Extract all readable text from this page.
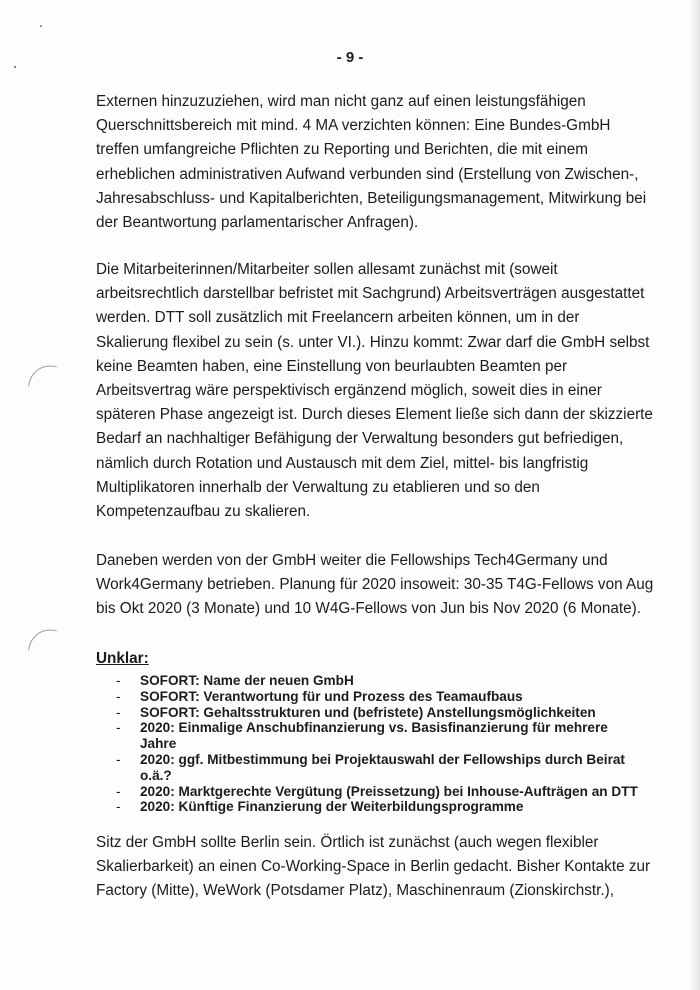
- 9 -
Externen hinzuzuziehen, wird man nicht ganz auf einen leistungsfähigen
Querschnittsbereich mit mind. 4 MA verzichten können: Eine Bundes-GmbH
treffen umfangreiche Pflichten zu Reporting und Berichten, die mit einem
erheblichen administrativen Aufwand verbunden sind (Erstellung von Zwischen-,
Jahresabschluss- und Kapitalberichten, Beteiligungsmanagement, Mitwirkung bei
der Beantwortung parlamentarischer Anfragen).
Die Mitarbeiterinnen/Mitarbeiter sollen allesamt zunächst mit (soweit
arbeitsrechtlich darstellbar befristet mit Sachgrund) Arbeitsverträgen ausgestattet
werden. DTT soll zusätzlich mit Freelancern arbeiten können, um in der
Skalierung flexibel zu sein (s. unter VI.). Hinzu kommt: Zwar darf die GmbH selbst
keine Beamten haben, eine Einstellung von beurlaubten Beamten per
Arbeitsvertrag wäre perspektivisch ergänzend möglich, soweit dies in einer
späteren Phase angezeigt ist. Durch dieses Element ließe sich dann der skizzierte
Bedarf an nachhaltiger Befähigung der Verwaltung besonders gut befriedigen,
nämlich durch Rotation und Austausch mit dem Ziel, mittel- bis langfristig
Multiplikatoren innerhalb der Verwaltung zu etablieren und so den
Kompetenzaufbau zu skalieren.
Daneben werden von der GmbH weiter die Fellowships Tech4Germany und
Work4Germany betrieben. Planung für 2020 insoweit: 30-35 T4G-Fellows von Aug
bis Okt 2020 (3 Monate) und 10 W4G-Fellows von Jun bis Nov 2020 (6 Monate).
Unklar:
- SOFORT: Name der neuen GmbH
- SOFORT: Verantwortung für und Prozess des Teamaufbaus
- SOFORT: Gehaltsstrukturen und (befristete) Anstellungsmöglichkeiten
- 2020: Einmalige Anschubfinanzierung vs. Basisfinanzierung für mehrere
Jahre
- 2020: ggf. Mitbestimmung bei Projektauswahl der Fellowships durch Beirat
o.ä.?
- 2020: Marktgerechte Vergütung (Preissetzung) bei Inhouse-Aufträgen an DTT
- 2020: Künftige Finanzierung der Weiterbildungsprogramme
Sitz der GmbH sollte Berlin sein. Örtlich ist zunächst (auch wegen flexibler
Skalierbarkeit) an einen Co-Working-Space in Berlin gedacht. Bisher Kontakte zur
Factory (Mitte), WeWork (Potsdamer Platz), Maschinenraum (Zionskirchstr.),
